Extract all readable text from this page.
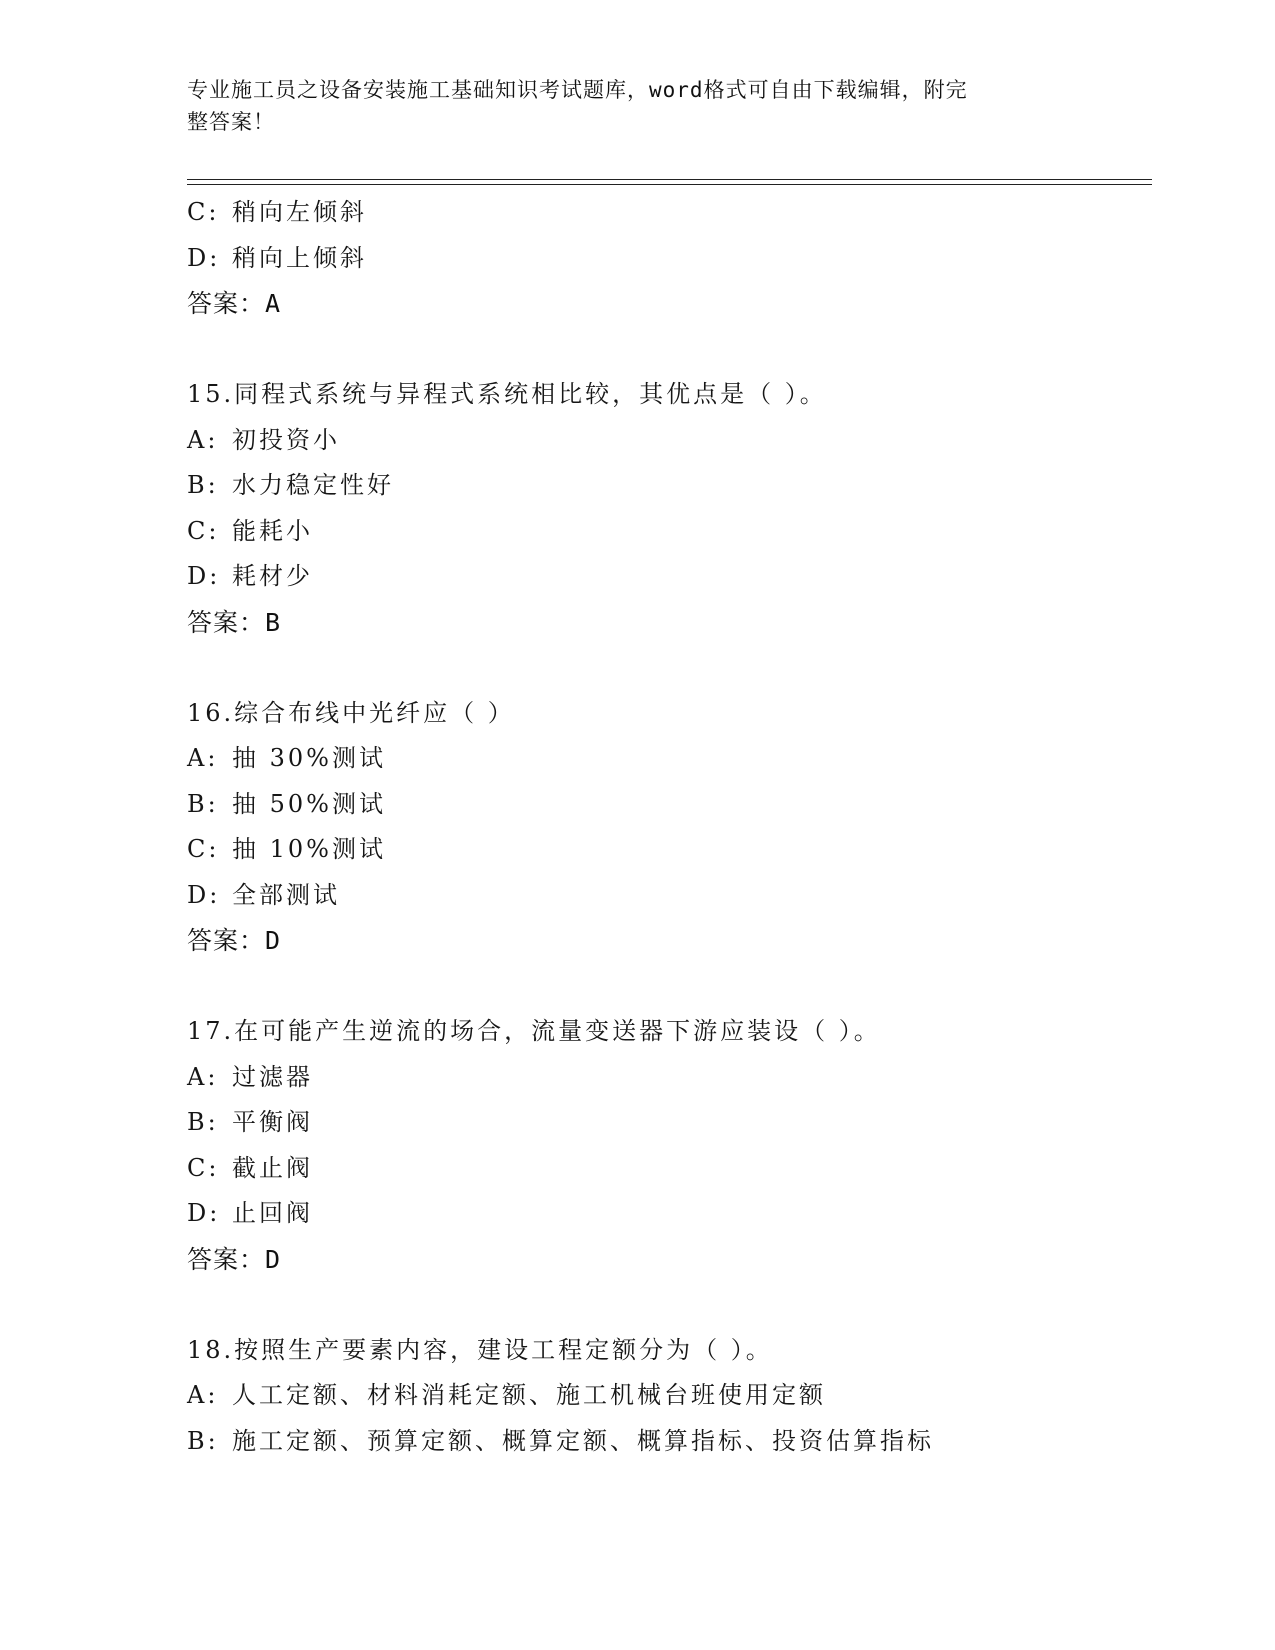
专业施工员之设备安装施工基础知识考试题库，word格式可自由下载编辑，附完
整答案！
C: 稍向左倾斜
D: 稍向上倾斜
答案：A
15.同程式系统与异程式系统相比较，其优点是（ ）。
A: 初投资小
B: 水力稳定性好
C: 能耗小
D: 耗材少
答案：B
16.综合布线中光纤应（ ）
A: 抽 30%测试
B: 抽 50%测试
C: 抽 10%测试
D: 全部测试
答案：D
17.在可能产生逆流的场合，流量变送器下游应装设（ ）。
A: 过滤器
B: 平衡阀
C: 截止阀
D: 止回阀
答案：D
18.按照生产要素内容，建设工程定额分为（ ）。
A: 人工定额、材料消耗定额、施工机械台班使用定额
B: 施工定额、预算定额、概算定额、概算指标、投资估算指标
